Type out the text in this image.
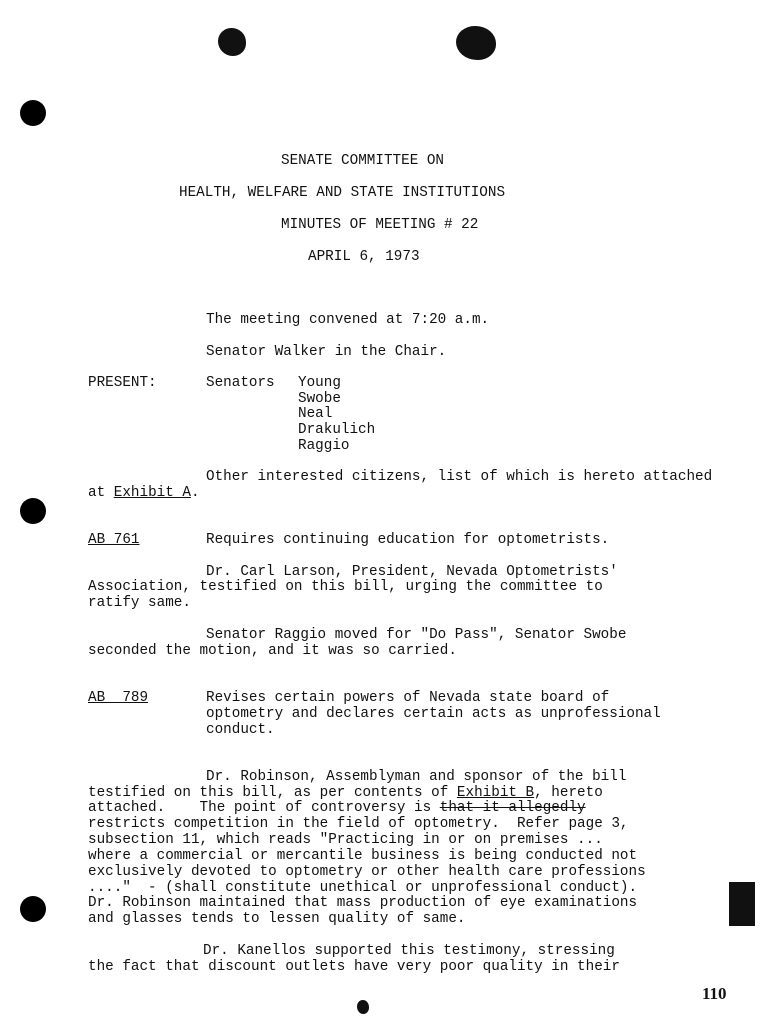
SENATE COMMITTEE ON
HEALTH, WELFARE AND STATE INSTITUTIONS
MINUTES OF MEETING # 22
APRIL 6, 1973
The meeting convened at 7:20 a.m.
Senator Walker in the Chair.
PRESENT:	Senators Young
Swobe
Neal
Drakulich
Raggio
Other interested citizens, list of which is hereto attached
at Exhibit A.
AB 761	Requires continuing education for optometrists.
Dr. Carl Larson, President, Nevada Optometrists'
Association, testified on this bill, urging the committee to
ratify same.
Senator Raggio moved for "Do Pass", Senator Swobe
seconded the motion, and it was so carried.
AB  789	Revises certain powers of Nevada state board of
optometry and declares certain acts as unprofessional
conduct.
Dr. Robinson, Assemblyman and sponsor of the bill
testified on this bill, as per contents of Exhibit B, hereto
attached.    The point of controversy is that it allegedly
restricts competition in the field of optometry.  Refer page 3,
subsection 11, which reads "Practicing in or on premises ...
where a commercial or mercantile business is being conducted not
exclusively devoted to optometry or other health care professions
...."  - (shall constitute unethical or unprofessional conduct).
Dr. Robinson maintained that mass production of eye examinations
and glasses tends to lessen quality of same.
Dr. Kanellos supported this testimony, stressing
the fact that discount outlets have very poor quality in their
110
